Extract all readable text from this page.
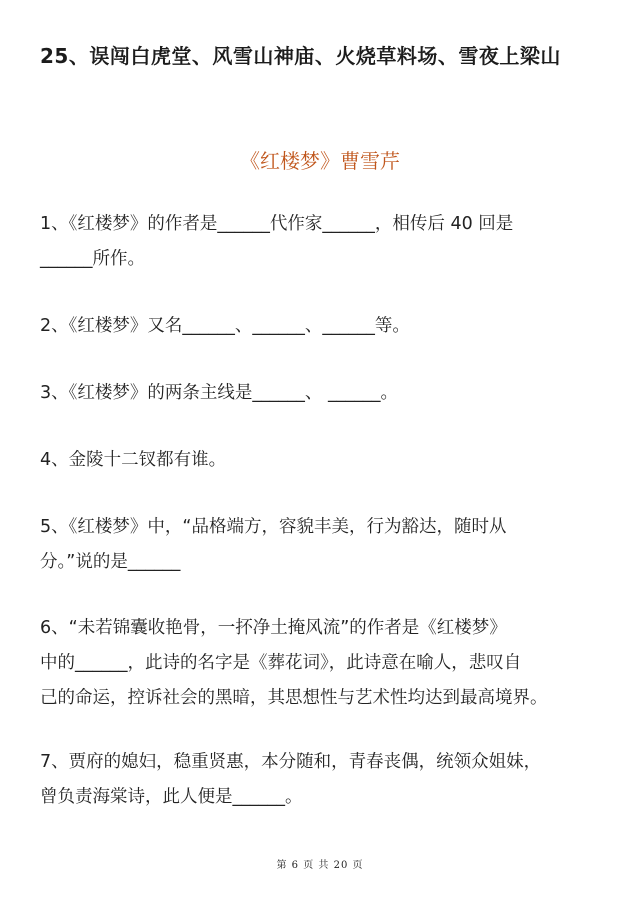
25、误闯白虎堂、风雪山神庙、火烧草料场、雪夜上梁山
《红楼梦》曹雪芹
1、《红楼梦》的作者是______代作家______，相传后 40 回是
______所作。
2、《红楼梦》又名______、______、______等。
3、《红楼梦》的两条主线是______、 ______。
4、金陵十二钗都有谁。
5、《红楼梦》中，“品格端方，容貌丰美，行为豁达，随时从
分。”说的是______
6、“未若锦囊收艳骨，一抔净土掩风流”的作者是《红楼梦》
中的______，此诗的名字是《葬花词》，此诗意在喻人，悲叹自
己的命运，控诉社会的黑暗，其思想性与艺术性均达到最高境界。
7、贾府的媳妇，稳重贤惠，本分随和，青春丧偶，统领众姐妹，
曾负责海棠诗，此人便是______。
第 6 页 共 20 页
